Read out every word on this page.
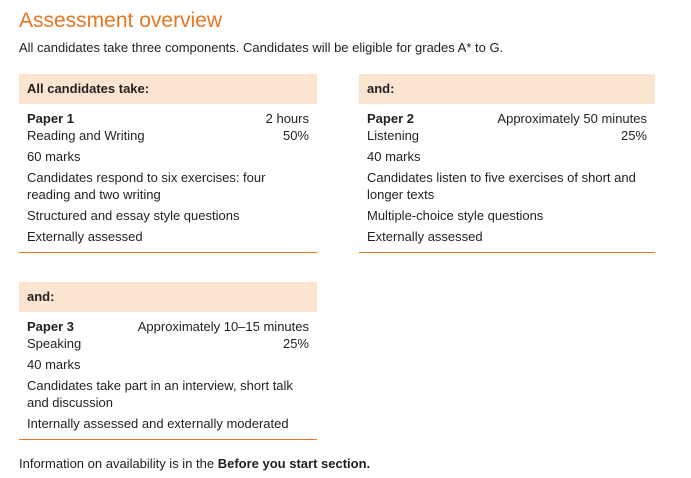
Assessment overview
All candidates take three components. Candidates will be eligible for grades A* to G.
All candidates take:
Paper 1	2 hours
Reading and Writing	50%
60 marks
Candidates respond to six exercises: four reading and two writing
Structured and essay style questions
Externally assessed
and:
Paper 2	Approximately 50 minutes
Listening	25%
40 marks
Candidates listen to five exercises of short and longer texts
Multiple-choice style questions
Externally assessed
and:
Paper 3	Approximately 10–15 minutes
Speaking	25%
40 marks
Candidates take part in an interview, short talk and discussion
Internally assessed and externally moderated
Information on availability is in the Before you start section.
